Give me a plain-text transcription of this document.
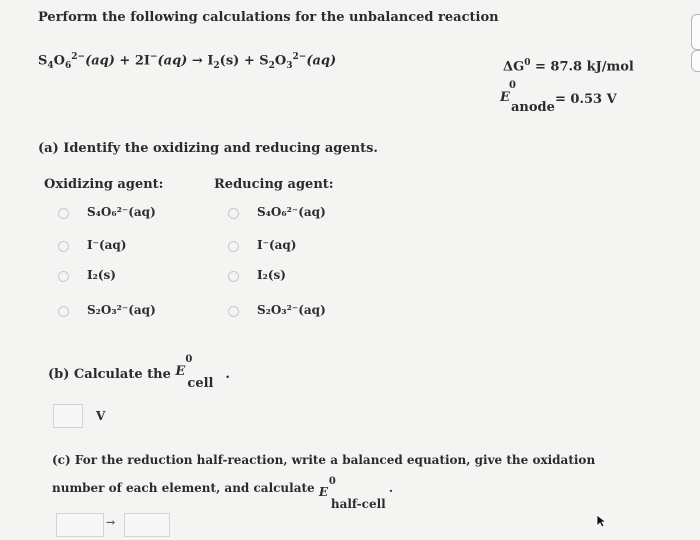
Perform the following calculations for the unbalanced reaction
$S_4O_6^{2-}(aq) + 2I^-(aq) \to I_2(s) + S_2O_3^{2-}(aq)$	$\Delta G^0 = 87.8$ kJ/mol
E
0
anode
= 0.53 V
(a) Identify the oxidizing and reducing agents.
Oxidizing agent:	Reducing agent:
S₄O₆²⁻(aq)
I⁻(aq)
I₂(s)
S₂O₃²⁻(aq)
S₄O₆²⁻(aq)
I⁻(aq)
I₂(s)
S₂O₃²⁻(aq)
(b) Calculate the E
0
cell
.
V
(c) For the reduction half-reaction, write a balanced equation, give the oxidation number of each element, and calculate E
0
half-cell
.
→
